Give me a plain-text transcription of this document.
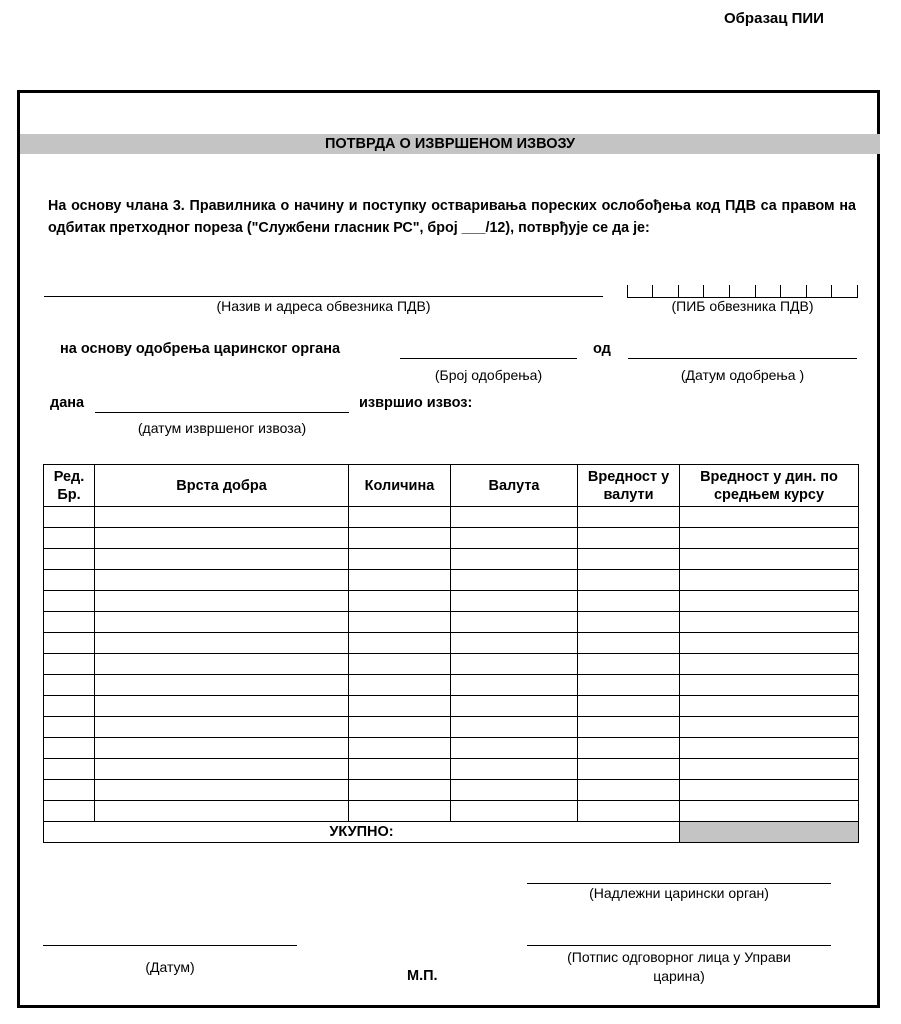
Образац ПИИ
ПОТВРДА О ИЗВРШЕНОМ ИЗВОЗУ
На основу члана 3. Правилника о начину и поступку остваривања пореских ослобођења код ПДВ са правом на одбитак претходног пореза ("Службени гласник РС", број ___/12), потврђује се да је:
(Назив и адреса обвезника ПДВ)	(ПИБ обвезника ПДВ)
на основу одобрења царинског органа	од
(Број одобрења)	(Датум одобрења )
дана	извршио извоз:
(датум извршеног извоза)
Ред. Бр.	Врста добра	Количина	Валута	Вредност у валути	Вредност у дин. по средњем курсу

УКУПНО:					
(Надлежни царински орган)
(Датум)
(Потпис одговорног лица у Управи царина)
М.П.
